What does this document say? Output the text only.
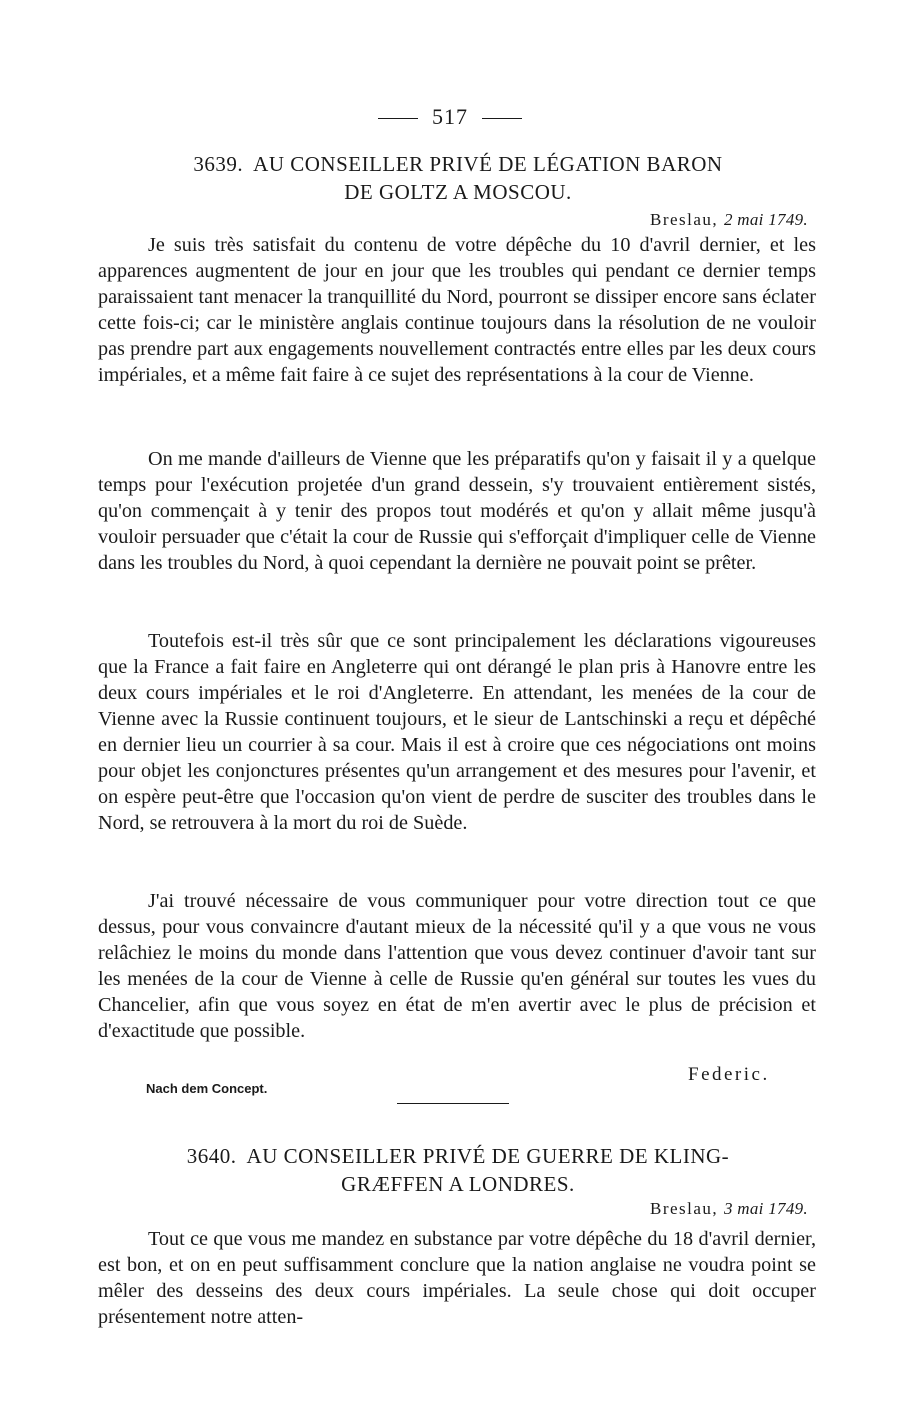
517
3639. AU CONSEILLER PRIVÉ DE LÉGATION BARON
DE GOLTZ A MOSCOU.
Breslau, 2 mai 1749.

Je suis très satisfait du contenu de votre dépêche du 10 d'avril dernier, et les apparences augmentent de jour en jour que les troubles qui pendant ce dernier temps paraissaient tant menacer la tranquillité du Nord, pourront se dissiper encore sans éclater cette fois-ci; car le ministère anglais continue toujours dans la résolution de ne vouloir pas prendre part aux engagements nouvellement contractés entre elles par les deux cours impériales, et a même fait faire à ce sujet des représentations à la cour de Vienne.

On me mande d'ailleurs de Vienne que les préparatifs qu'on y faisait il y a quelque temps pour l'exécution projetée d'un grand dessein, s'y trouvaient entièrement sistés, qu'on commençait à y tenir des propos tout modérés et qu'on y allait même jusqu'à vouloir persuader que c'était la cour de Russie qui s'efforçait d'impliquer celle de Vienne dans les troubles du Nord, à quoi cependant la dernière ne pouvait point se prêter.

Toutefois est-il très sûr que ce sont principalement les déclarations vigoureuses que la France a fait faire en Angleterre qui ont dérangé le plan pris à Hanovre entre les deux cours impériales et le roi d'Angleterre. En attendant, les menées de la cour de Vienne avec la Russie continuent toujours, et le sieur de Lantschinski a reçu et dépêché en dernier lieu un courrier à sa cour. Mais il est à croire que ces négociations ont moins pour objet les conjonctures présentes qu'un arrangement et des mesures pour l'avenir, et on espère peut-être que l'occasion qu'on vient de perdre de susciter des troubles dans le Nord, se retrouvera à la mort du roi de Suède.

J'ai trouvé nécessaire de vous communiquer pour votre direction tout ce que dessus, pour vous convaincre d'autant mieux de la nécessité qu'il y a que vous ne vous relâchiez le moins du monde dans l'attention que vous devez continuer d'avoir tant sur les menées de la cour de Vienne à celle de Russie qu'en général sur toutes les vues du Chancelier, afin que vous soyez en état de m'en avertir avec le plus de précision et d'exactitude que possible.

Federic.
Nach dem Concept.
3640. AU CONSEILLER PRIVÉ DE GUERRE DE KLING-
GRÆFFEN A LONDRES.
Breslau, 3 mai 1749.

Tout ce que vous me mandez en substance par votre dépêche du 18 d'avril dernier, est bon, et on en peut suffisamment conclure que la nation anglaise ne voudra point se mêler des desseins des deux cours impériales. La seule chose qui doit occuper présentement notre atten-
